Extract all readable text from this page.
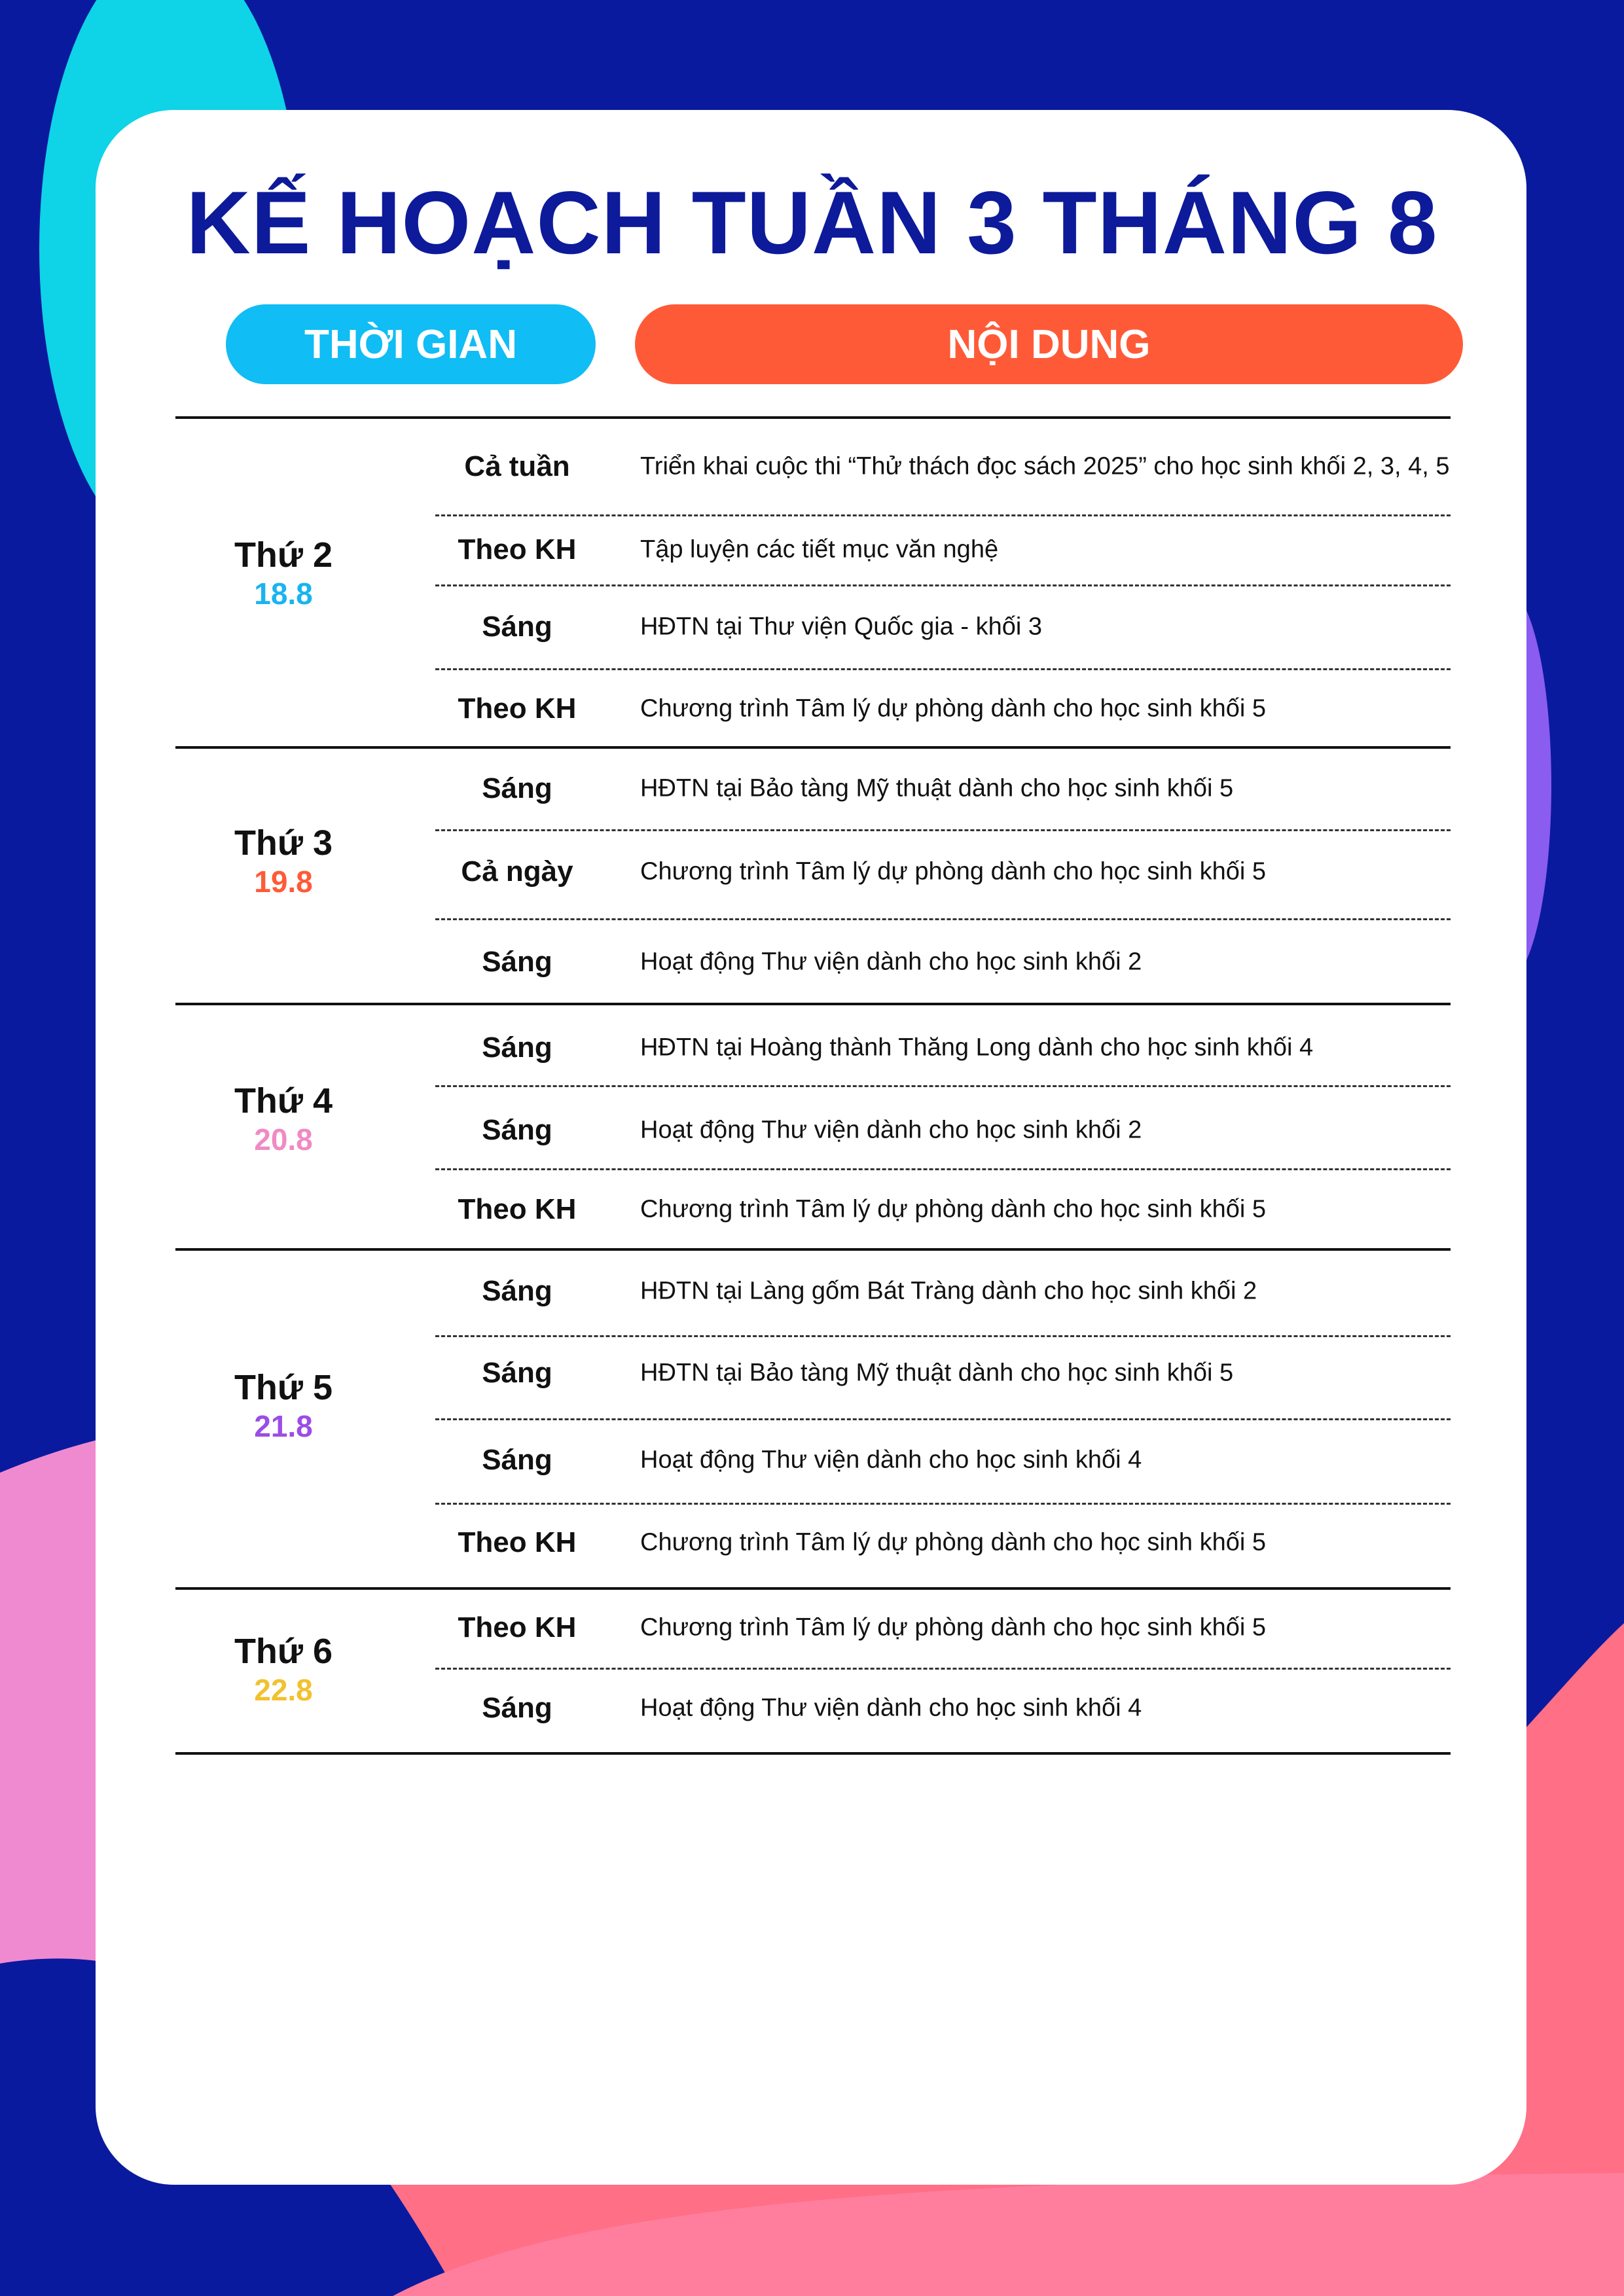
KẾ HOẠCH TUẦN 3 THÁNG 8
THỜI GIAN	NỘI DUNG
Thứ 2
18.8
Cả tuần	Triển khai cuộc thi “Thử thách đọc sách 2025” cho học sinh khối 2, 3, 4, 5
Theo KH	Tập luyện các tiết mục văn nghệ
Sáng	HĐTN tại Thư viện Quốc gia - khối 3
Theo KH	Chương trình Tâm lý dự phòng dành cho học sinh khối 5
Thứ 3
19.8
Sáng	HĐTN tại Bảo tàng Mỹ thuật dành cho học sinh khối 5
Cả ngày	Chương trình Tâm lý dự phòng dành cho học sinh khối 5
Sáng	Hoạt động Thư viện dành cho học sinh khối 2
Thứ 4
20.8
Sáng	HĐTN tại Hoàng thành Thăng Long dành cho học sinh khối 4
Sáng	Hoạt động Thư viện dành cho học sinh khối 2
Theo KH	Chương trình Tâm lý dự phòng dành cho học sinh khối 5
Thứ 5
21.8
Sáng	HĐTN tại Làng gốm Bát Tràng dành cho học sinh khối 2
Sáng	HĐTN tại Bảo tàng Mỹ thuật dành cho học sinh khối 5
Sáng	Hoạt động Thư viện dành cho học sinh khối 4
Theo KH	Chương trình Tâm lý dự phòng dành cho học sinh khối 5
Thứ 6
22.8
Theo KH	Chương trình Tâm lý dự phòng dành cho học sinh khối 5
Sáng	Hoạt động Thư viện dành cho học sinh khối 4
